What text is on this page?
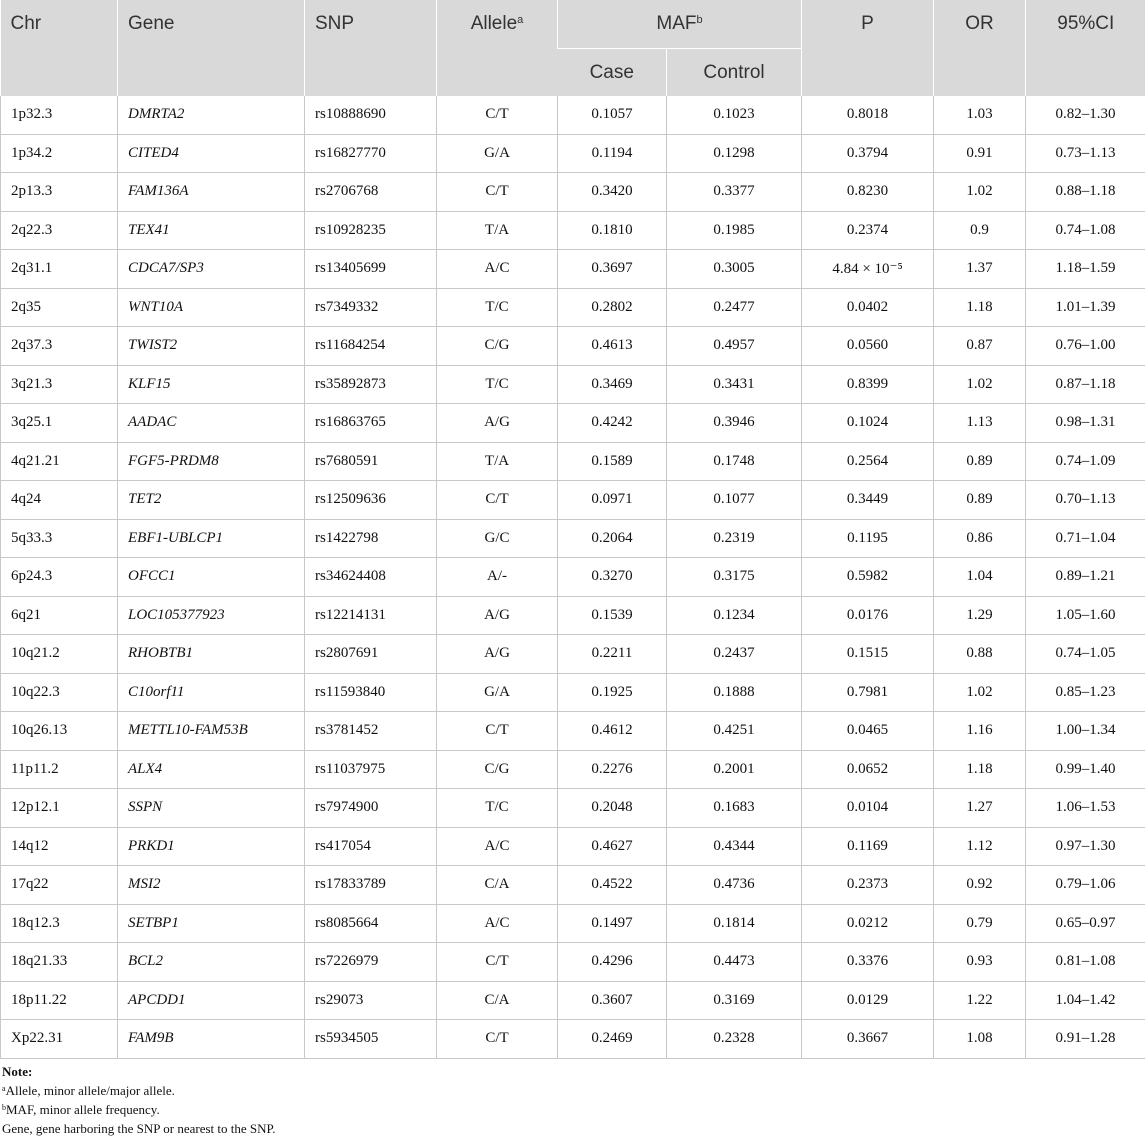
Chr	Gene	SNP	Allele$^a$	MAF$^b$		P	OR	95%CI
				Case	Control			
1p32.3	DMRTA2	rs10888690	C/T	0.1057	0.1023	0.8018	1.03	0.82–1.30
1p34.2	CITED4	rs16827770	G/A	0.1194	0.1298	0.3794	0.91	0.73–1.13
2p13.3	FAM136A	rs2706768	C/T	0.3420	0.3377	0.8230	1.02	0.88–1.18
2q22.3	TEX41	rs10928235	T/A	0.1810	0.1985	0.2374	0.9	0.74–1.08
2q31.1	CDCA7/SP3	rs13405699	A/C	0.3697	0.3005	4.84 × 10⁻⁵	1.37	1.18–1.59
2q35	WNT10A	rs7349332	T/C	0.2802	0.2477	0.0402	1.18	1.01–1.39
2q37.3	TWIST2	rs11684254	C/G	0.4613	0.4957	0.0560	0.87	0.76–1.00
3q21.3	KLF15	rs35892873	T/C	0.3469	0.3431	0.8399	1.02	0.87–1.18
3q25.1	AADAC	rs16863765	A/G	0.4242	0.3946	0.1024	1.13	0.98–1.31
4q21.21	FGF5-PRDM8	rs7680591	T/A	0.1589	0.1748	0.2564	0.89	0.74–1.09
4q24	TET2	rs12509636	C/T	0.0971	0.1077	0.3449	0.89	0.70–1.13
5q33.3	EBF1-UBLCP1	rs1422798	G/C	0.2064	0.2319	0.1195	0.86	0.71–1.04
6p24.3	OFCC1	rs34624408	A/-	0.3270	0.3175	0.5982	1.04	0.89–1.21
6q21	LOC105377923	rs12214131	A/G	0.1539	0.1234	0.0176	1.29	1.05–1.60
10q21.2	RHOBTB1	rs2807691	A/G	0.2211	0.2437	0.1515	0.88	0.74–1.05
10q22.3	C10orf11	rs11593840	G/A	0.1925	0.1888	0.7981	1.02	0.85–1.23
10q26.13	METTL10-FAM53B	rs3781452	C/T	0.4612	0.4251	0.0465	1.16	1.00–1.34
11p11.2	ALX4	rs11037975	C/G	0.2276	0.2001	0.0652	1.18	0.99–1.40
12p12.1	SSPN	rs7974900	T/C	0.2048	0.1683	0.0104	1.27	1.06–1.53
14q12	PRKD1	rs417054	A/C	0.4627	0.4344	0.1169	1.12	0.97–1.30
17q22	MSI2	rs17833789	C/A	0.4522	0.4736	0.2373	0.92	0.79–1.06
18q12.3	SETBP1	rs8085664	A/C	0.1497	0.1814	0.0212	0.79	0.65–0.97
18q21.33	BCL2	rs7226979	C/T	0.4296	0.4473	0.3376	0.93	0.81–1.08
18p11.22	APCDD1	rs29073	C/A	0.3607	0.3169	0.0129	1.22	1.04–1.42
Xp22.31	FAM9B	rs5934505	C/T	0.2469	0.2328	0.3667	1.08	0.91–1.28
Note:
$^a$Allele, minor allele/major allele.
$^b$MAF, minor allele frequency.
Gene, gene harboring the SNP or nearest to the SNP.
